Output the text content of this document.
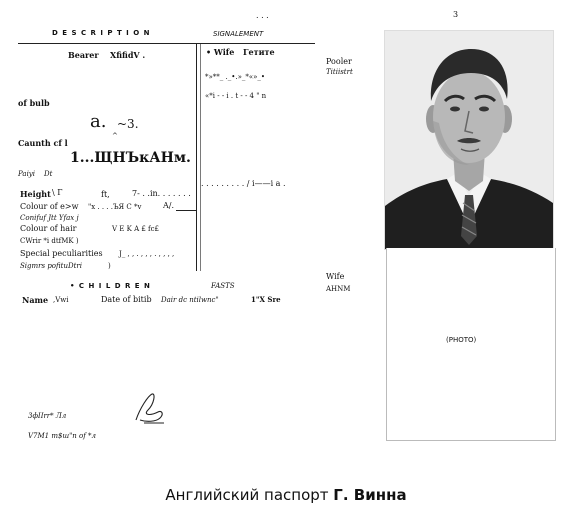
3
. . .
D E S C R I P T I O N	SIGNALEMENT
Bearer XfifidV .	• Wife Гетите
*»**_ ._•.»_*«»_•
«*i - - i . t - - 4 " n
of bulb
a. ~3.
^
Caunth cf l
1...ЩНЪкАНм.
Paiyi Dt
Height \ Г	ft,	7- . .in. . . . . . .
. . . . . . . . . / i——i a .
Colour of e>w "x . . . .ЪЯ C *v	A/.
Conifuf Jtt Yfax j
Colour of hair	V E K A £ fc£
CWrir *i dtfMK )
Special peculiarities J_ , , . , , , . , , , ,
Sigmrs pofituDtri	)
• C H I L D R E N	FASTS
Name ,Vwi	Date of bitib Dair dc ntilwnc"	1"X Sre
3фIIrr* Лл
V7M1 т$ш"п of *л
Pooler
Titiistrt
Wife
AHNM
(PHOTO)
Английский паспорт Г. Винна
